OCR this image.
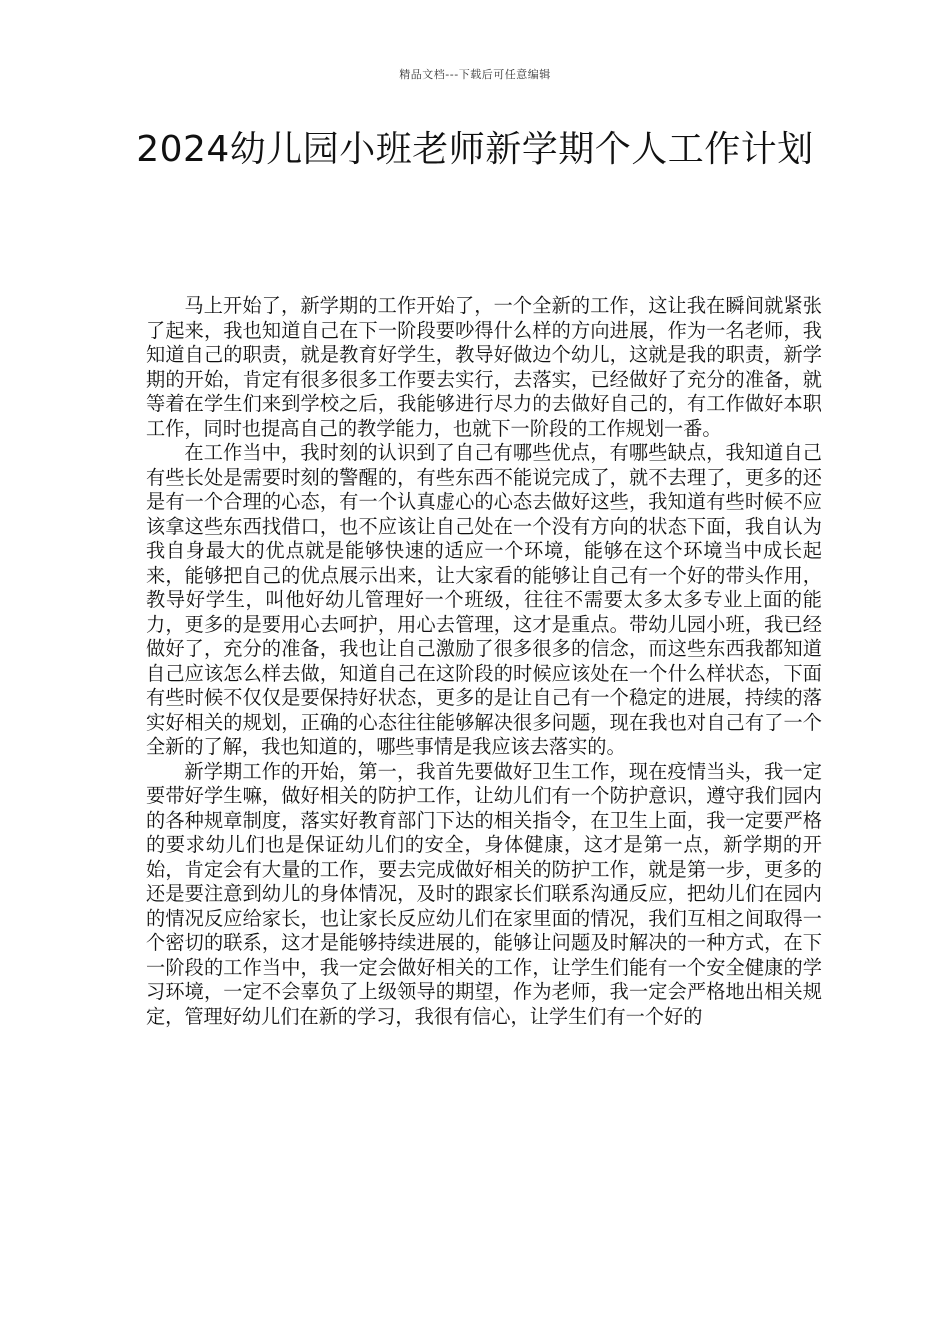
精品文档---下载后可任意编辑
2024幼儿园小班老师新学期个人工作计划

马上开始了，新学期的工作开始了，一个全新的工作，这让我在瞬间就紧张了起来，我也知道自己在下一阶段要吵得什么样的方向进展，作为一名老师，我知道自己的职责，就是教育好学生，教导好做边个幼儿，这就是我的职责，新学期的开始，肯定有很多很多工作要去实行，去落实，已经做好了充分的准备，就等着在学生们来到学校之后，我能够进行尽力的去做好自己的，有工作做好本职工作，同时也提高自己的教学能力，也就下一阶段的工作规划一番。

在工作当中，我时刻的认识到了自己有哪些优点，有哪些缺点，我知道自己有些长处是需要时刻的警醒的，有些东西不能说完成了，就不去理了，更多的还是有一个合理的心态，有一个认真虚心的心态去做好这些，我知道有些时候不应该拿这些东西找借口，也不应该让自己处在一个没有方向的状态下面，我自认为我自身最大的优点就是能够快速的适应一个环境，能够在这个环境当中成长起来，能够把自己的优点展示出来，让大家看的能够让自己有一个好的带头作用，教导好学生，叫他好幼儿管理好一个班级，往往不需要太多太多专业上面的能力，更多的是要用心去呵护，用心去管理，这才是重点。带幼儿园小班，我已经做好了，充分的准备，我也让自己激励了很多很多的信念，而这些东西我都知道自己应该怎么样去做，知道自己在这阶段的时候应该处在一个什么样状态，下面有些时候不仅仅是要保持好状态，更多的是让自己有一个稳定的进展，持续的落实好相关的规划，正确的心态往往能够解决很多问题，现在我也对自己有了一个全新的了解，我也知道的，哪些事情是我应该去落实的。

新学期工作的开始，第一，我首先要做好卫生工作，现在疫情当头，我一定要带好学生嘛，做好相关的防护工作，让幼儿们有一个防护意识，遵守我们园内的各种规章制度，落实好教育部门下达的相关指令，在卫生上面，我一定要严格的要求幼儿们也是保证幼儿们的安全，身体健康，这才是第一点，新学期的开始，肯定会有大量的工作，要去完成做好相关的防护工作，就是第一步，更多的还是要注意到幼儿的身体情况，及时的跟家长们联系沟通反应，把幼儿们在园内的情况反应给家长，也让家长反应幼儿们在家里面的情况，我们互相之间取得一个密切的联系，这才是能够持续进展的，能够让问题及时解决的一种方式，在下一阶段的工作当中，我一定会做好相关的工作，让学生们能有一个安全健康的学习环境，一定不会辜负了上级领导的期望，作为老师，我一定会严格地出相关规定，管理好幼儿们在新的学习，我很有信心，让学生们有一个好的
